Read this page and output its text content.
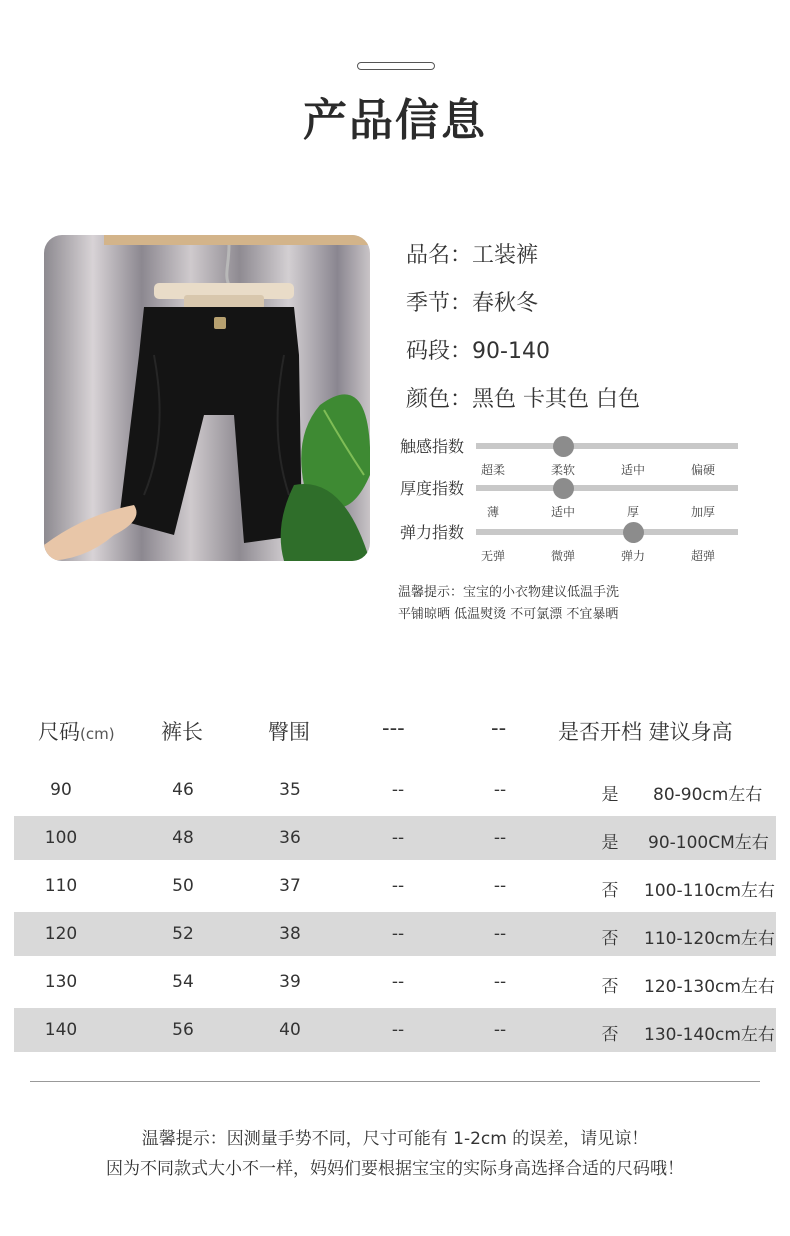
产品信息
品名：工装裤
季节：春秋冬
码段：90-140
颜色：黑色 卡其色 白色
触感指数
超柔	柔软	适中	偏硬
厚度指数
薄	适中	厚	加厚
弹力指数
无弹	微弹	弹力	超弹
温馨提示：宝宝的小衣物建议低温手洗
平铺晾晒 低温熨烫 不可氯漂 不宜暴晒
尺码(cm) 裤长	臀围	---	-- 是否开档 建议身高
90	46	35	--	--	是 80-90cm左右
100	48	36	--	--	是 90-100CM左右
110	50	37	--	--	否 100-110cm左右
120	52	38	--	--	否 110-120cm左右
130	54	39	--	--	否 120-130cm左右
140	56	40	--	--	否 130-140cm左右
温馨提示：因测量手势不同，尺寸可能有 1-2cm 的误差，请见谅！
因为不同款式大小不一样，妈妈们要根据宝宝的实际身高选择合适的尺码哦！
